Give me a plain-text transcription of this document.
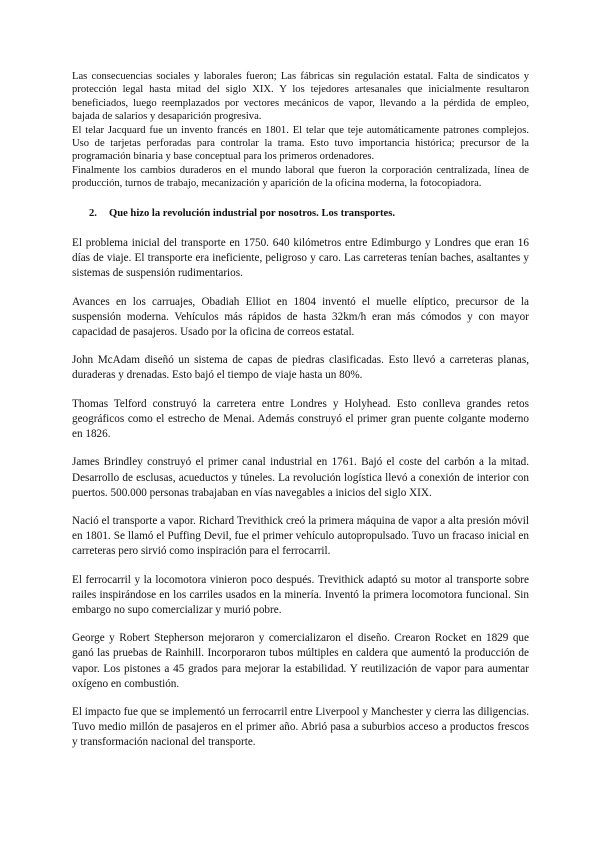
Las consecuencias sociales y laborales fueron; Las fábricas sin regulación estatal. Falta de sindicatos y protección legal hasta mitad del siglo XIX. Y los tejedores artesanales que inicialmente resultaron beneficiados, luego reemplazados por vectores mecánicos de vapor, llevando a la pérdida de empleo, bajada de salarios y desaparición progresiva.

El telar Jacquard fue un invento francés en 1801. El telar que teje automáticamente patrones complejos. Uso de tarjetas perforadas para controlar la trama. Esto tuvo importancia histórica; precursor de la programación binaria y base conceptual para los primeros ordenadores.

Finalmente los cambios duraderos en el mundo laboral que fueron la corporación centralizada, línea de producción, turnos de trabajo, mecanización y aparición de la oficina moderna, la fotocopiadora.

2. Que hizo la revolución industrial por nosotros. Los transportes.

El problema inicial del transporte en 1750. 640 kilómetros entre Edimburgo y Londres que eran 16 días de viaje. El transporte era ineficiente, peligroso y caro. Las carreteras tenían baches, asaltantes y sistemas de suspensión rudimentarios.

Avances en los carruajes, Obadiah Elliot en 1804 inventó el muelle elíptico, precursor de la suspensión moderna. Vehículos más rápidos de hasta 32km/h eran más cómodos y con mayor capacidad de pasajeros. Usado por la oficina de correos estatal.

John McAdam diseñó un sistema de capas de piedras clasificadas. Esto llevó a carreteras planas, duraderas y drenadas. Esto bajó el tiempo de viaje hasta un 80%.

Thomas Telford construyó la carretera entre Londres y Holyhead. Esto conlleva grandes retos geográficos como el estrecho de Menai. Además construyó el primer gran puente colgante moderno en 1826.

James Brindley construyó el primer canal industrial en 1761. Bajó el coste del carbón a la mitad. Desarrollo de esclusas, acueductos y túneles. La revolución logística llevó a conexión de interior con puertos. 500.000 personas trabajaban en vías navegables a inicios del siglo XIX.

Nació el transporte a vapor. Richard Trevithick creó la primera máquina de vapor a alta presión móvil en 1801. Se llamó el Puffing Devil, fue el primer vehículo autopropulsado. Tuvo un fracaso inicial en carreteras pero sirvió como inspiración para el ferrocarril.

El ferrocarril y la locomotora vinieron poco después. Trevithick adaptó su motor al transporte sobre railes inspirándose en los carriles usados en la minería. Inventó la primera locomotora funcional. Sin embargo no supo comercializar y murió pobre.

George y Robert Stepherson mejoraron y comercializaron el diseño. Crearon Rocket en 1829 que ganó las pruebas de Rainhill. Incorporaron tubos múltiples en caldera que aumentó la producción de vapor. Los pistones a 45 grados para mejorar la estabilidad. Y reutilización de vapor para aumentar oxígeno en combustión.

El impacto fue que se implementó un ferrocarril entre Liverpool y Manchester y cierra las diligencias. Tuvo medio millón de pasajeros en el primer año. Abrió pasa a suburbios acceso a productos frescos y transformación nacional del transporte.
